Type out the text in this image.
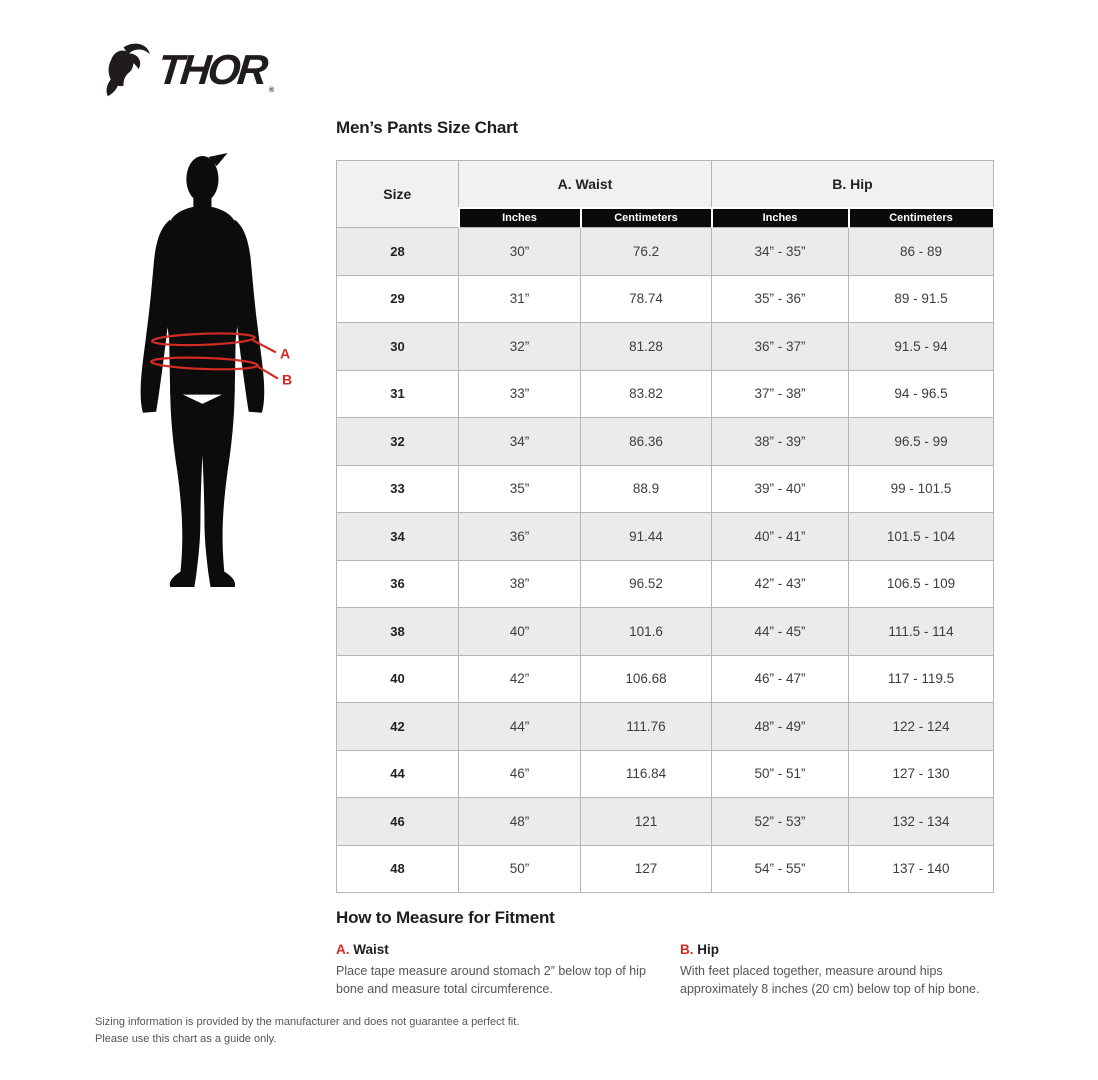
THOR ®
A
B
Men’s Pants Size Chart
Size	A. Waist		B. Hip	
	Inches	Centimeters	Inches	Centimeters
28	30”	76.2	34” - 35”	86 - 89
29	31”	78.74	35” - 36”	89 - 91.5
30	32”	81.28	36” - 37”	91.5 - 94
31	33”	83.82	37” - 38”	94 - 96.5
32	34”	86.36	38” - 39”	96.5 - 99
33	35”	88.9	39” - 40”	99 - 101.5
34	36”	91.44	40” - 41”	101.5 - 104
36	38”	96.52	42” - 43”	106.5 - 109
38	40”	101.6	44” - 45”	111.5 - 114
40	42”	106.68	46” - 47”	117 - 119.5
42	44”	111.76	48” - 49”	122 - 124
44	46”	116.84	50” - 51”	127 - 130
46	48”	121	52” - 53”	132 - 134
48	50”	127	54” - 55”	137 - 140
How to Measure for Fitment
A. Waist
Place tape measure around stomach 2” below top of hip bone and measure total circumference.
B. Hip
With feet placed together, measure around hips approximately 8 inches (20 cm) below top of hip bone.
Sizing information is provided by the manufacturer and does not guarantee a perfect fit.
Please use this chart as a guide only.
